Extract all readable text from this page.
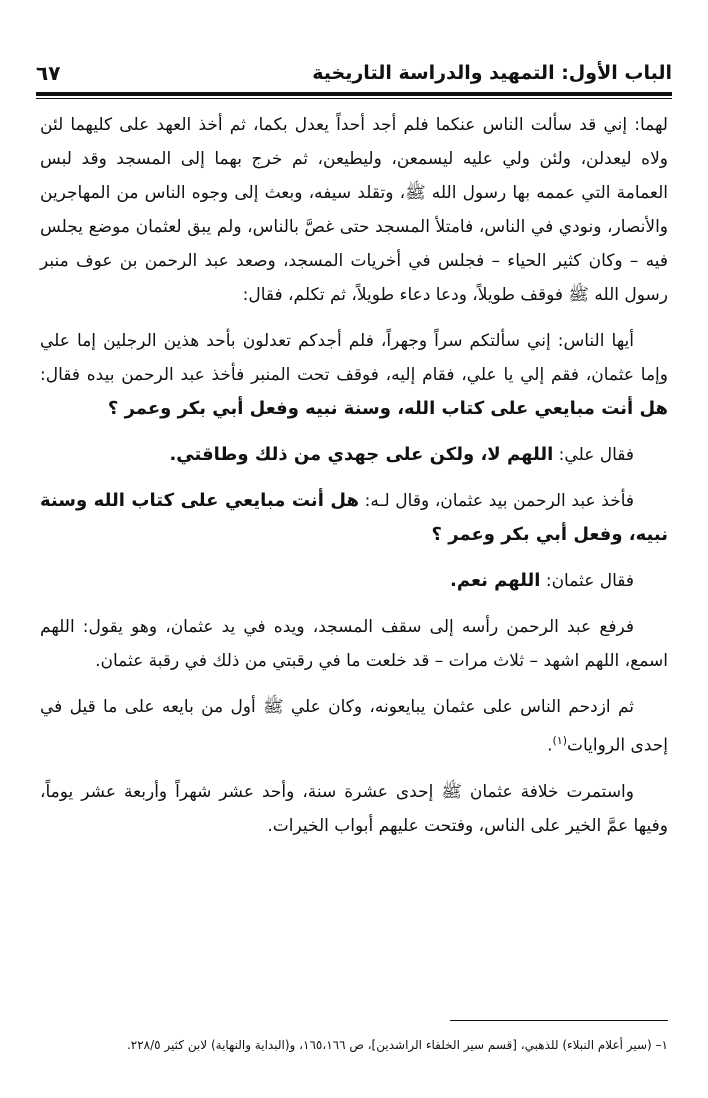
الباب الأول: التمهيد والدراسة التاريخية
٦٧

لهما: إني قد سألت الناس عنكما فلم أجد أحداً يعدل بكما، ثم أخذ العهد على كليهما لئن ولاه ليعدلن، ولئن ولي عليه ليسمعن، وليطيعن، ثم خرج بهما إلى المسجد وقد لبس العمامة التي عممه بها رسول الله ﷺ، وتقلد سيفه، وبعث إلى وجوه الناس من المهاجرين والأنصار، ونودي في الناس، فامتلأ المسجد حتى غصَّ بالناس، ولم يبق لعثمان موضع يجلس فيه – وكان كثير الحياء – فجلس في أخريات المسجد، وصعد عبد الرحمن بن عوف منبر رسول الله ﷺ فوقف طويلاً، ودعا دعاء طويلاً، ثم تكلم، فقال:

أيها الناس: إني سألتكم سراً وجهراً، فلم أجدكم تعدلون بأحد هذين الرجلين إما علي وإما عثمان، فقم إلي يا علي، فقام إليه، فوقف تحت المنبر فأخذ عبد الرحمن بيده فقال: هل أنت مبايعي على كتاب الله، وسنة نبيه وفعل أبي بكر وعمر ؟

فقال علي: اللهم لا، ولكن على جهدي من ذلك وطاقتي.

فأخذ عبد الرحمن بيد عثمان، وقال لـه: هل أنت مبايعي على كتاب الله وسنة نبيه، وفعل أبي بكر وعمر ؟

فقال عثمان: اللهم نعم.

فرفع عبد الرحمن رأسه إلى سقف المسجد، ويده في يد عثمان، وهو يقول: اللهم اسمع، اللهم اشهد – ثلاث مرات – قد خلعت ما في رقبتي من ذلك في رقبة عثمان.

ثم ازدحم الناس على عثمان يبايعونه، وكان علي ﷺ أول من بايعه على ما قيل في إحدى الروايات$^{(١)}$.

واستمرت خلافة عثمان ﷺ إحدى عشرة سنة، وأحد عشر شهراً وأربعة عشر يوماً، وفيها عمَّ الخير على الناس، وفتحت عليهم أبواب الخيرات.

١– (سير أعلام النبلاء) للذهبي، [قسم سير الخلفاء الراشدين]، ص ١٦٥،١٦٦، و(البداية والنهاية) لابن كثير ٢٢٨/٥.
